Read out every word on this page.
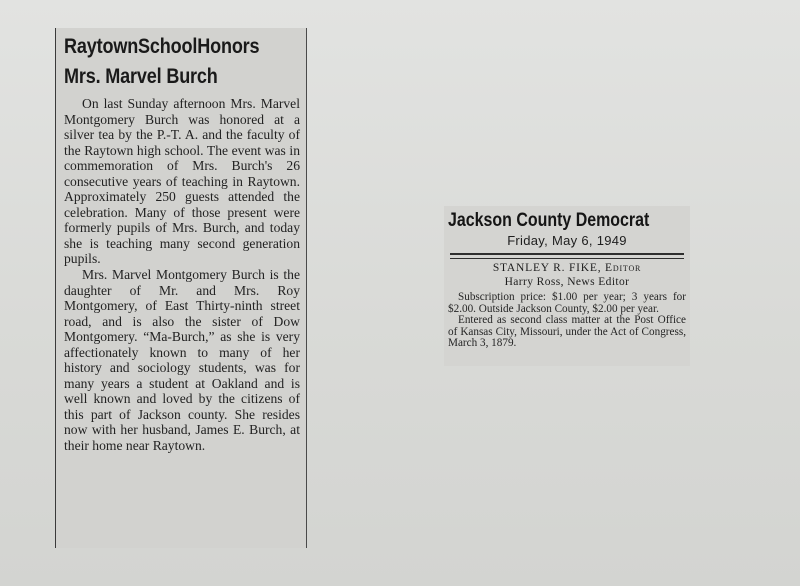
RaytownSchoolHonors
Mrs. Marvel Burch

On last Sunday afternoon Mrs. Marvel Montgomery Burch was honored at a silver tea by the P.-T. A. and the faculty of the Raytown high school. The event was in commemoration of Mrs. Burch's 26 consecutive years of teaching in Raytown. Approximately 250 guests attended the celebration. Many of those present were formerly pupils of Mrs. Burch, and today she is teaching many second generation pupils.

Mrs. Marvel Montgomery Burch is the daughter of Mr. and Mrs. Roy Montgomery, of East Thirty-ninth street road, and is also the sister of Dow Montgomery. “Ma-Burch,” as she is very affectionately known to many of her history and sociology students, was for many years a student at Oakland and is well known and loved by the citizens of this part of Jackson county. She resides now with her husband, James E. Burch, at their home near Raytown.

Jackson County Democrat
Friday, May 6, 1949
STANLEY R. FIKE, Editor
Harry Ross, News Editor

Subscription price: $1.00 per year; 3 years for $2.00. Outside Jackson County, $2.00 per year.

Entered as second class matter at the Post Office of Kansas City, Missouri, under the Act of Congress, March 3, 1879.
